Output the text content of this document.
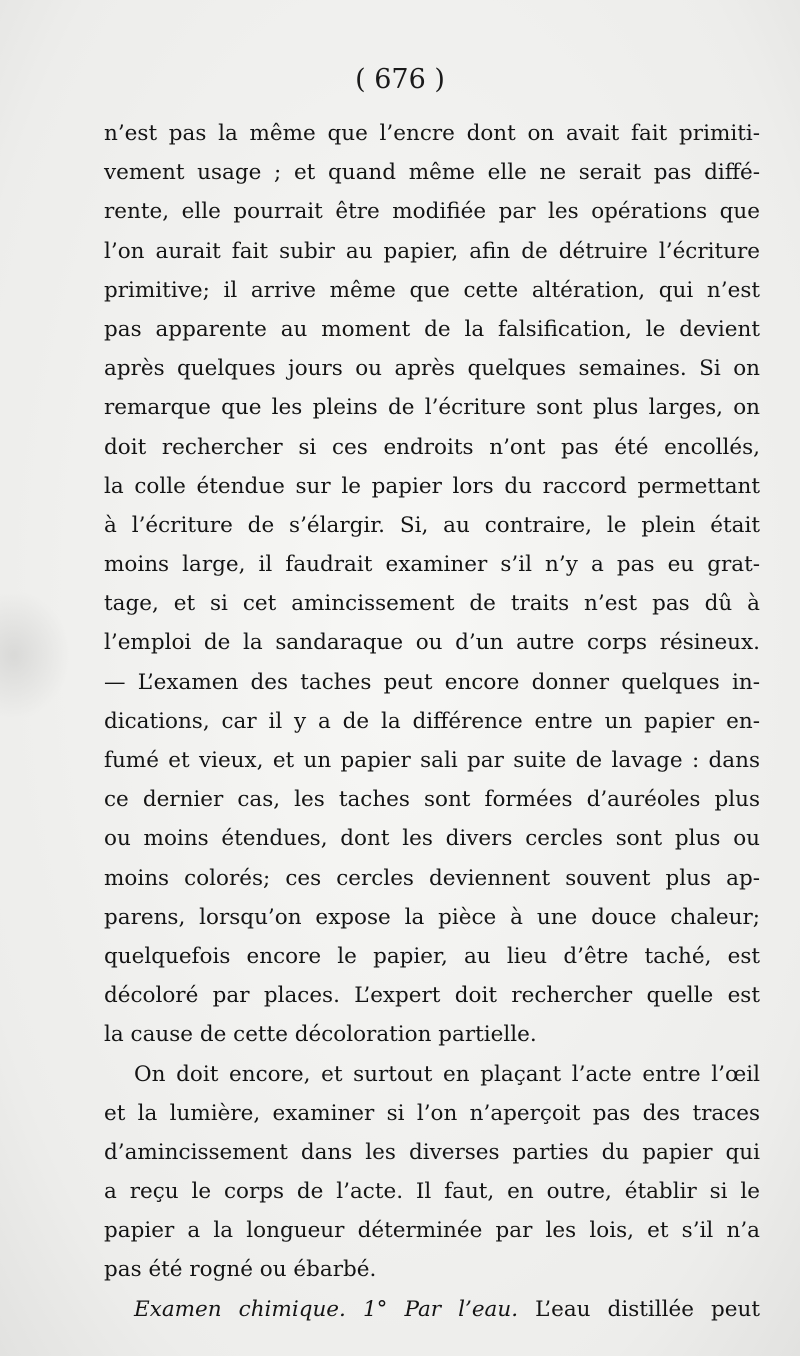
( 676 )
n’est pas la même que l’encre dont on avait fait primiti-
vement usage ; et quand même elle ne serait pas diffé-
rente, elle pourrait être modifiée par les opérations que
l’on aurait fait subir au papier, afin de détruire l’écriture
primitive; il arrive même que cette altération, qui n’est
pas apparente au moment de la falsification, le devient
après quelques jours ou après quelques semaines. Si on
remarque que les pleins de l’écriture sont plus larges, on
doit rechercher si ces endroits n’ont pas été encollés,
la colle étendue sur le papier lors du raccord permettant
à l’écriture de s’élargir. Si, au contraire, le plein était
moins large, il faudrait examiner s’il n’y a pas eu grat-
tage, et si cet amincissement de traits n’est pas dû à
l’emploi de la sandaraque ou d’un autre corps résineux.
— L’examen des taches peut encore donner quelques in-
dications, car il y a de la différence entre un papier en-
fumé et vieux, et un papier sali par suite de lavage : dans
ce dernier cas, les taches sont formées d’auréoles plus
ou moins étendues, dont les divers cercles sont plus ou
moins colorés; ces cercles deviennent souvent plus ap-
parens, lorsqu’on expose la pièce à une douce chaleur;
quelquefois encore le papier, au lieu d’être taché, est
décoloré par places. L’expert doit rechercher quelle est
la cause de cette décoloration partielle.
On doit encore, et surtout en plaçant l’acte entre l’œil
et la lumière, examiner si l’on n’aperçoit pas des traces
d’amincissement dans les diverses parties du papier qui
a reçu le corps de l’acte. Il faut, en outre, établir si le
papier a la longueur déterminée par les lois, et s’il n’a
pas été rogné ou ébarbé.
Examen chimique. 1° Par l’eau. L’eau distillée peut
